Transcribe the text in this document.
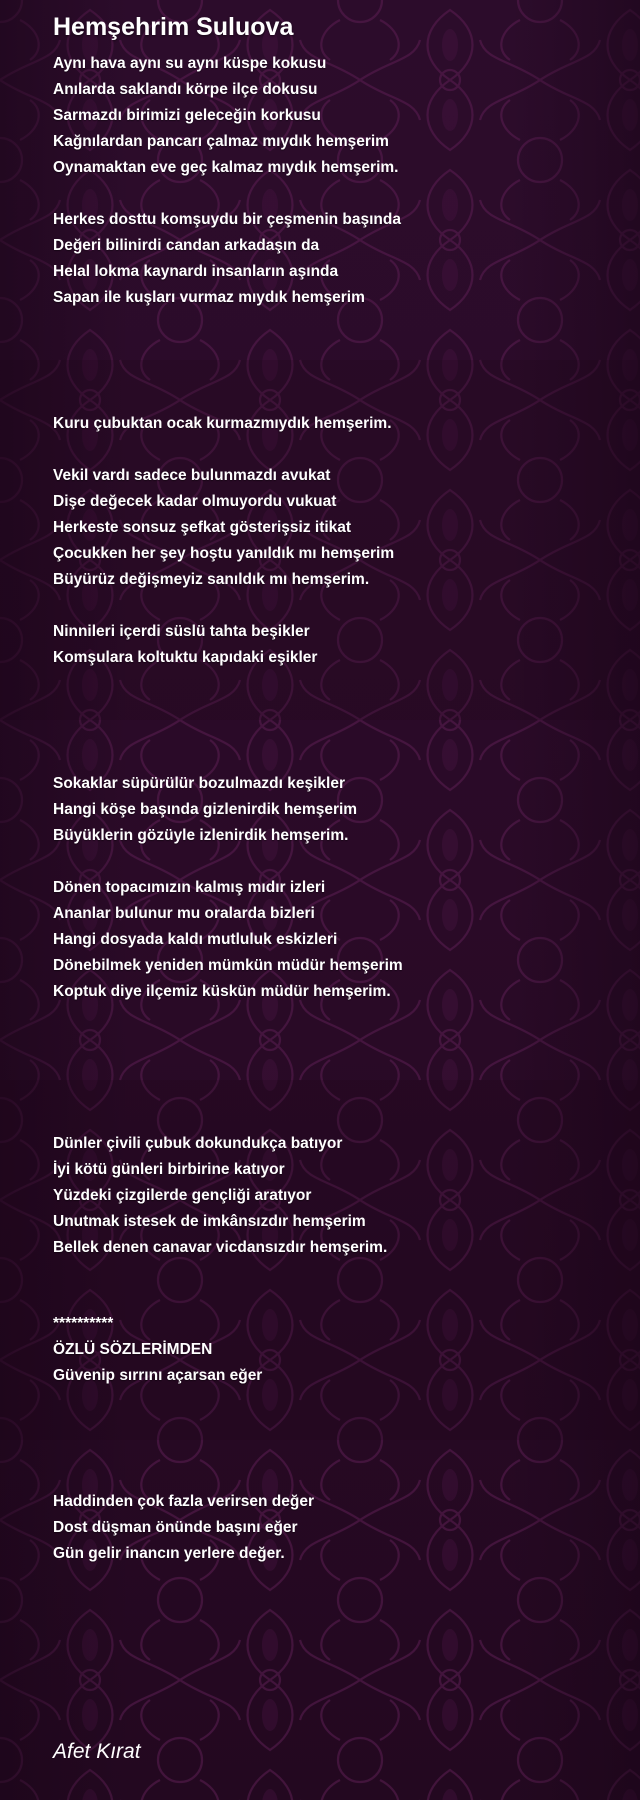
Hemşehrim Suluova
Aynı hava aynı su aynı küspe kokusu
Anılarda saklandı körpe ilçe dokusu
Sarmazdı birimizi geleceğin korkusu
Kağnılardan pancarı çalmaz mıydık hemşerim
Oynamaktan eve geç kalmaz mıydık hemşerim.
Herkes dosttu komşuydu bir çeşmenin başında
Değeri bilinirdi candan arkadaşın da
Helal lokma kaynardı insanların aşında
Sapan ile kuşları vurmaz mıydık hemşerim
Kuru çubuktan ocak kurmazmıydık hemşerim.
Vekil vardı sadece bulunmazdı avukat
Dişe değecek kadar olmuyordu vukuat
Herkeste sonsuz şefkat gösterişsiz itikat
Çocukken her şey hoştu yanıldık mı hemşerim
Büyürüz değişmeyiz sanıldık mı hemşerim.
Ninnileri içerdi süslü tahta beşikler
Komşulara koltuktu kapıdaki eşikler
Sokaklar süpürülür bozulmazdı keşikler
Hangi köşe başında gizlenirdik hemşerim
Büyüklerin gözüyle izlenirdik hemşerim.
Dönen topacımızın kalmış mıdır izleri
Ananlar bulunur mu oralarda bizleri
Hangi dosyada kaldı mutluluk eskizleri
Dönebilmek yeniden mümkün müdür hemşerim
Koptuk diye ilçemiz küskün müdür hemşerim.
Dünler çivili çubuk dokundukça batıyor
İyi kötü günleri birbirine katıyor
Yüzdeki çizgilerde gençliği aratıyor
Unutmak istesek de imkânsızdır hemşerim
Bellek denen canavar vicdansızdır hemşerim.
**********
ÖZLÜ SÖZLERİMDEN
Güvenip sırrını açarsan eğer
Haddinden çok fazla verirsen değer
Dost düşman önünde başını eğer
Gün gelir inancın yerlere değer.
Afet Kırat
